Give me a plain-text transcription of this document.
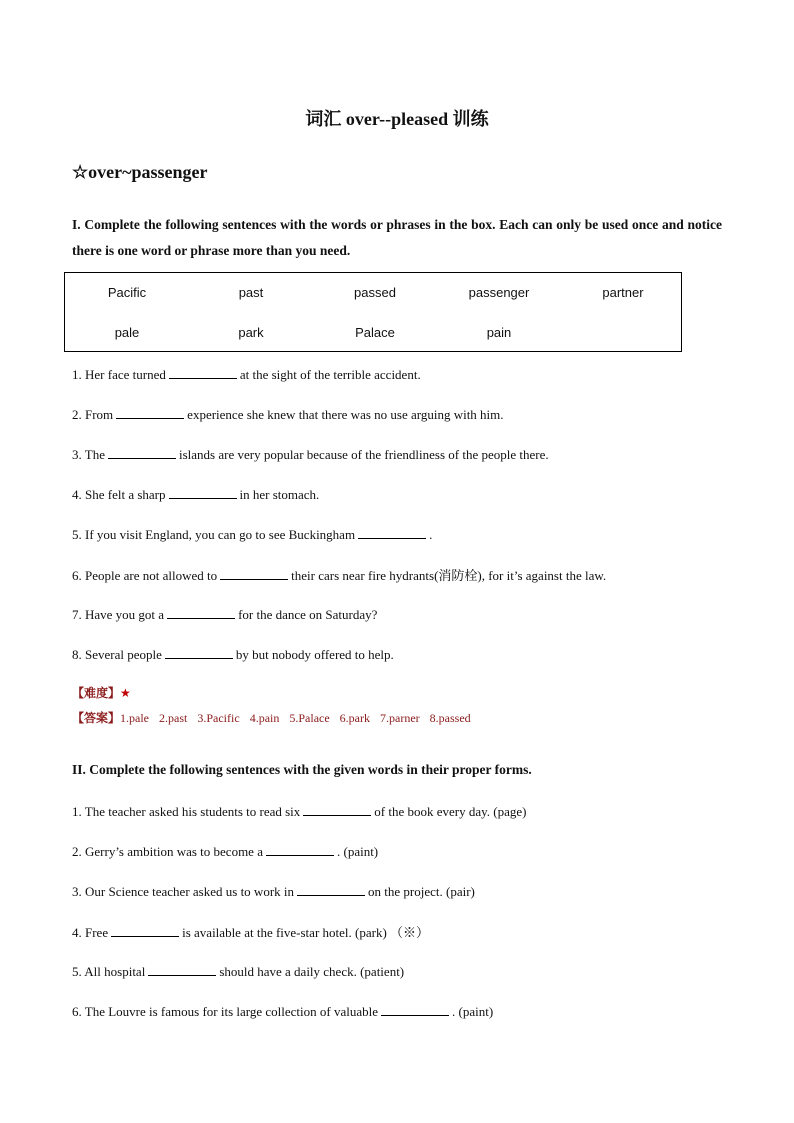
词汇 over--pleased 训练
☆over~passenger
I. Complete the following sentences with the words or phrases in the box. Each can only be used once and notice there is one word or phrase more than you need.
Pacific	past	passed	passenger	partner
pale	park	Palace	pain
1. Her face turned	at the sight of the terrible accident.
2. From	experience she knew that there was no use arguing with him.
3. The	islands are very popular because of the friendliness of the people there.
4. She felt a sharp	in her stomach.
5. If you visit England, you can go to see Buckingham	.
6. People are not allowed to	their cars near fire hydrants(消防栓), for it’s against the law.
7. Have you got a	for the dance on Saturday?
8. Several people	by but nobody offered to help.
【难度】★
【答案】1.pale 2.past 3.Pacific 4.pain 5.Palace 6.park 7.parner 8.passed
II. Complete the following sentences with the given words in their proper forms.
1. The teacher asked his students to read six	of the book every day. (page)
2. Gerry’s ambition was to become a	. (paint)
3. Our Science teacher asked us to work in	on the project. (pair)
4. Free	is available at the five-star hotel. (park) （※）
5. All hospital	should have a daily check. (patient)
6. The Louvre is famous for its large collection of valuable	. (paint)
